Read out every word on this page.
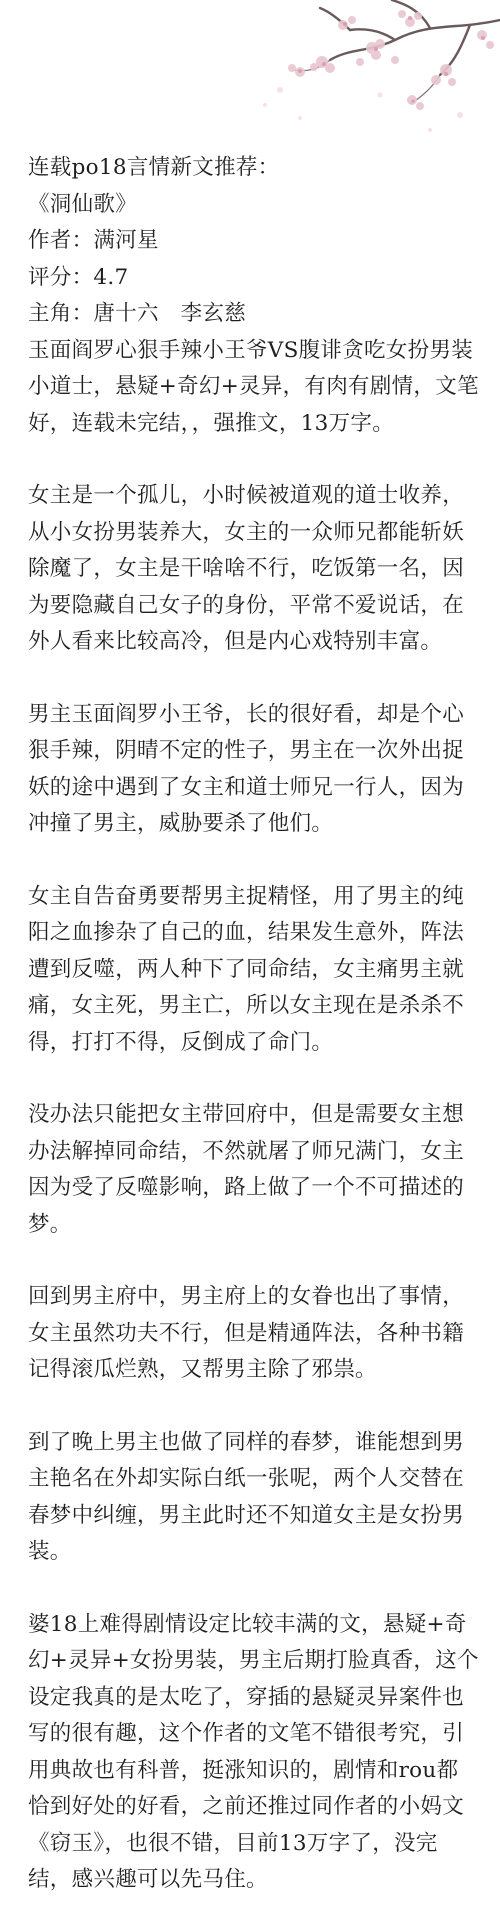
连载po18言情新文推荐：
《洞仙歌》
作者：满河星
评分：4.7
主角：唐十六　李玄慈
玉面阎罗心狠手辣小王爷VS腹诽贪吃女扮男装小道士，悬疑+奇幻+灵异，有肉有剧情，文笔好，连载未完结，，强推文，13万字。
女主是一个孤儿，小时候被道观的道士收养，从小女扮男装养大，女主的一众师兄都能斩妖除魔了，女主是干啥啥不行，吃饭第一名，因为要隐藏自己女子的身份，平常不爱说话，在外人看来比较高冷，但是内心戏特别丰富。
男主玉面阎罗小王爷，长的很好看，却是个心狠手辣，阴晴不定的性子，男主在一次外出捉妖的途中遇到了女主和道士师兄一行人，因为冲撞了男主，威胁要杀了他们。
女主自告奋勇要帮男主捉精怪，用了男主的纯阳之血掺杂了自己的血，结果发生意外，阵法遭到反噬，两人种下了同命结，女主痛男主就痛，女主死，男主亡，所以女主现在是杀杀不得，打打不得，反倒成了命门。
没办法只能把女主带回府中，但是需要女主想办法解掉同命结，不然就屠了师兄满门，女主因为受了反噬影响，路上做了一个不可描述的梦。
回到男主府中，男主府上的女眷也出了事情，女主虽然功夫不行，但是精通阵法，各种书籍记得滚瓜烂熟，又帮男主除了邪祟。
到了晚上男主也做了同样的春梦，谁能想到男主艳名在外却实际白纸一张呢，两个人交替在春梦中纠缠，男主此时还不知道女主是女扮男装。
婆18上难得剧情设定比较丰满的文，悬疑+奇幻+灵异+女扮男装，男主后期打脸真香，这个设定我真的是太吃了，穿插的悬疑灵异案件也写的很有趣，这个作者的文笔不错很考究，引用典故也有科普，挺涨知识的，剧情和rou都恰到好处的好看，之前还推过同作者的小妈文《窃玉》，也很不错，目前13万字了，没完结，感兴趣可以先马住。
